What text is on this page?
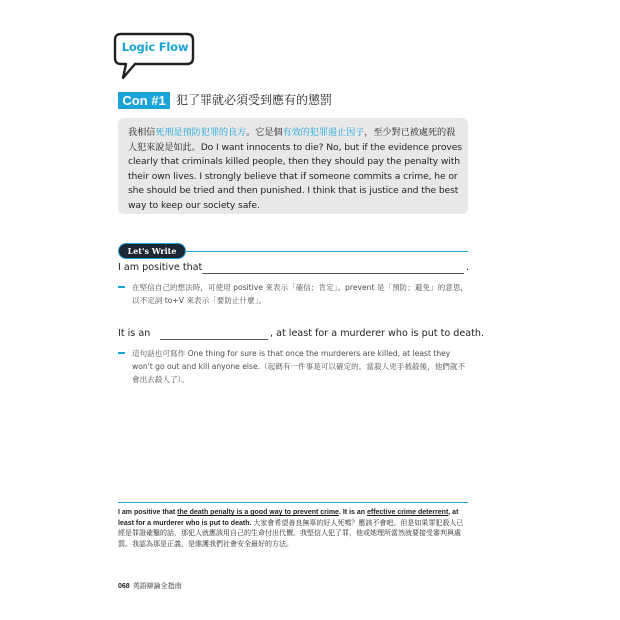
Logic Flow
Con #1 犯了罪就必須受到應有的懲罰
我相信死刑是預防犯罪的良方。它是個有效的犯罪遏止因子，至少對已被處死的殺人犯來說是如此。Do I want innocents to die? No, but if the evidence proves clearly that criminals killed people, then they should pay the penalty with their own lives. I strongly believe that if someone commits a crime, he or she should be tried and then punished. I think that is justice and the best way to keep our society safe.
Let's Write
I am positive that	.
在堅信自己的想法時，可使用 positive 來表示「確信；肯定」。prevent 是「預防；避免」的意思，以不定詞 to+V 來表示「要防止什麼」。
It is an	, at least for a murderer who is put to death.
這句話也可寫作 One thing for sure is that once the murderers are killed, at least they won't go out and kill anyone else.（起碼有一件事是可以確定的，當殺人兇手被殺後，他們就不會出去殺人了）。
I am positive that the death penalty is a good way to prevent crime. It is an effective crime deterrent, at least for a murderer who is put to death. 大家會希望善良無辜的好人死嗎？應該不會吧。但是如果罪犯殺人已經是罪證確鑿的話，那犯人就應該用自己的生命付出代價。我堅信人犯了罪，他或她理所當然就要接受審判與處罰。我認為那是正義，是維護我們社會安全最好的方法。
068 英語辯論全指南
